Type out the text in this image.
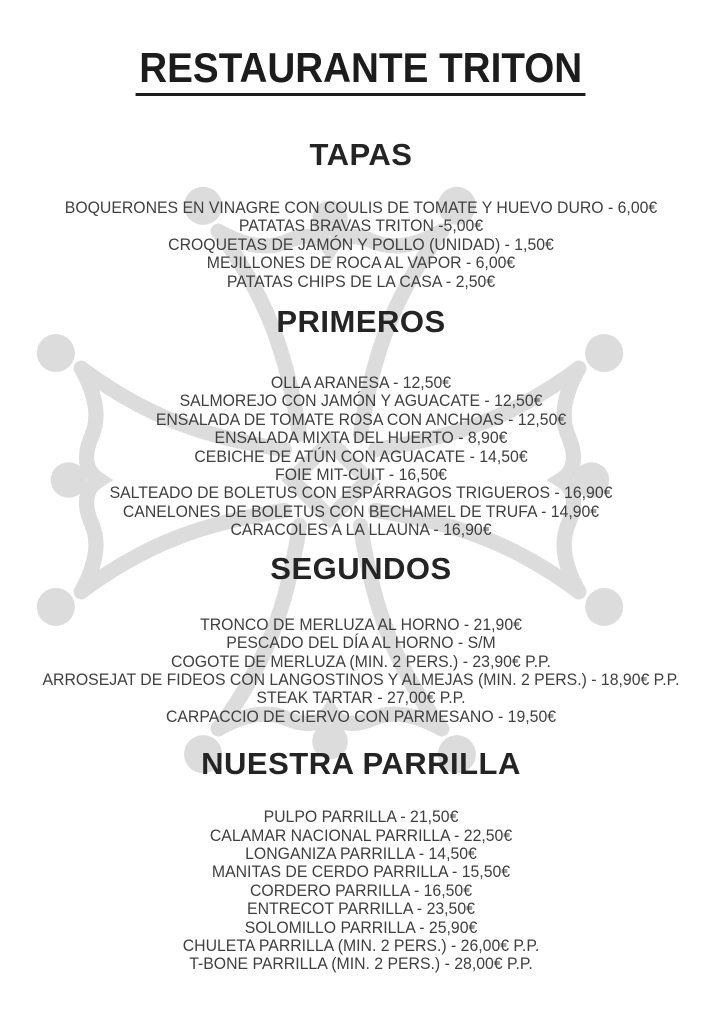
RESTAURANTE TRITON
TAPAS
BOQUERONES EN VINAGRE CON COULIS DE TOMATE Y HUEVO DURO - 6,00€
PATATAS BRAVAS TRITON -5,00€
CROQUETAS DE JAMÓN Y POLLO (UNIDAD) - 1,50€
MEJILLONES DE ROCA AL VAPOR - 6,00€
PATATAS CHIPS DE LA CASA - 2,50€
PRIMEROS
OLLA ARANESA - 12,50€
SALMOREJO CON JAMÓN Y AGUACATE - 12,50€
ENSALADA DE TOMATE ROSA CON ANCHOAS - 12,50€
ENSALADA MIXTA DEL HUERTO - 8,90€
CEBICHE DE ATÚN CON AGUACATE - 14,50€
FOIE MIT-CUIT - 16,50€
SALTEADO DE BOLETUS CON ESPÁRRAGOS TRIGUEROS - 16,90€
CANELONES DE BOLETUS CON BECHAMEL DE TRUFA - 14,90€
CARACOLES A LA LLAUNA - 16,90€
SEGUNDOS
TRONCO DE MERLUZA AL HORNO - 21,90€
PESCADO DEL DÍA AL HORNO - S/M
COGOTE DE MERLUZA (MIN. 2 PERS.) - 23,90€ P.P.
ARROSEJAT DE FIDEOS CON LANGOSTINOS Y ALMEJAS (MIN. 2 PERS.) - 18,90€ P.P.
STEAK TARTAR - 27,00€ P.P.
CARPACCIO DE CIERVO CON PARMESANO - 19,50€
NUESTRA PARRILLA
PULPO PARRILLA - 21,50€
CALAMAR NACIONAL PARRILLA - 22,50€
LONGANIZA PARRILLA - 14,50€
MANITAS DE CERDO PARRILLA - 15,50€
CORDERO PARRILLA - 16,50€
ENTRECOT PARRILLA - 23,50€
SOLOMILLO PARRILLA - 25,90€
CHULETA PARRILLA (MIN. 2 PERS.) - 26,00€ P.P.
T-BONE PARRILLA (MIN. 2 PERS.) - 28,00€ P.P.
